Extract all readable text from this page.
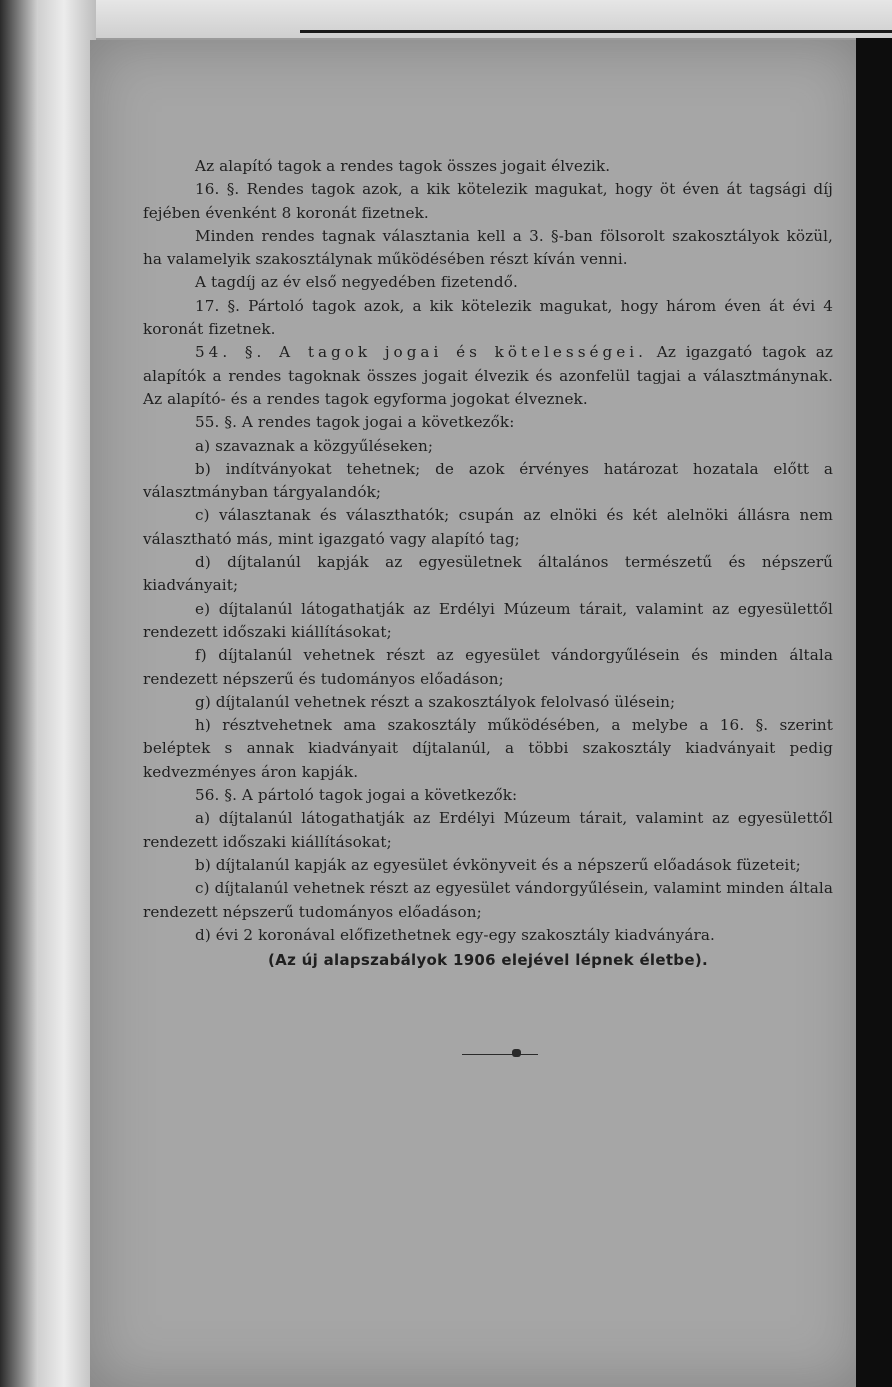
Az alapító tagok a rendes tagok összes jogait élvezik.

16. §. Rendes tagok azok, a kik kötelezik magukat, hogy öt éven át tagsági díj fejében évenként 8 koronát fizetnek.

Minden rendes tagnak választania kell a 3. §-ban fölsorolt szakosztályok közül, ha valamelyik szakosztálynak működésében részt kíván venni.

A tagdíj az év első negyedében fizetendő.

17. §. Pártoló tagok azok, a kik kötelezik magukat, hogy három éven át évi 4 koronát fizetnek.

54. §. A tagok jogai és kötelességei. Az igazgató tagok az alapítók a rendes tagoknak összes jogait élvezik és azonfelül tagjai a választmánynak. Az alapító- és a rendes tagok egyforma jogokat élveznek.

55. §. A rendes tagok jogai a következők:

a) szavaznak a közgyűléseken;

b) indítványokat tehetnek; de azok érvényes határozat hozatala előtt a választmányban tárgyalandók;

c) választanak és választhatók; csupán az elnöki és két alelnöki állásra nem választható más, mint igazgató vagy alapító tag;

d) díjtalanúl kapják az egyesületnek általános természetű és népszerű kiadványait;

e) díjtalanúl látogathatják az Erdélyi Múzeum tárait, valamint az egyesülettől rendezett időszaki kiállításokat;

f) díjtalanúl vehetnek részt az egyesület vándorgyűlésein és minden általa rendezett népszerű és tudományos előadáson;

g) díjtalanúl vehetnek részt a szakosztályok felolvasó ülésein;

h) résztvehetnek ama szakosztály működésében, a melybe a 16. §. szerint beléptek s annak kiadványait díjtalanúl, a többi szakosztály kiadványait pedig kedvezményes áron kapják.

56. §. A pártoló tagok jogai a következők:

a) díjtalanúl látogathatják az Erdélyi Múzeum tárait, valamint az egyesülettől rendezett időszaki kiállításokat;

b) díjtalanúl kapják az egyesület évkönyveit és a népszerű előadások füzeteit;

c) díjtalanúl vehetnek részt az egyesület vándorgyűlésein, valamint minden általa rendezett népszerű tudományos előadáson;

d) évi 2 koronával előfizethetnek egy-egy szakosztály kiadványára.

(Az új alapszabályok 1906 elejével lépnek életbe).
